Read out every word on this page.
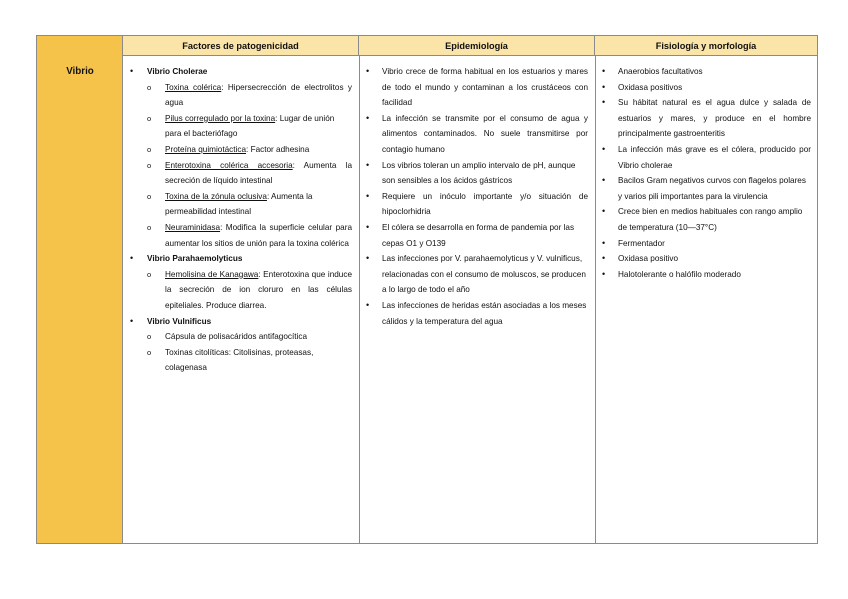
Vibrio
Factores de patogenicidad	Epidemiología	Fisiología y morfología
• Vibrio Cholerae
o Toxina colérica: Hipersecrección de electrolitos y agua
o Pilus corregulado por la toxina: Lugar de unión para el bacteriófago
o Proteína quimiotáctica: Factor adhesina
o Enterotoxina colérica accesoria: Aumenta la secreción de líquido intestinal
o Toxina de la zónula oclusiva: Aumenta la permeabilidad intestinal
o Neuraminidasa: Modifica la superficie celular para aumentar los sitios de unión para la toxina colérica
• Vibrio Parahaemolyticus
o Hemolisina de Kanagawa: Enterotoxina que induce la secreción de ion cloruro en las células epiteliales. Produce diarrea.
• Vibrio Vulnificus
o Cápsula de polisacáridos antifagocítica
o Toxinas citolíticas: Citolisinas, proteasas, colagenasa
• Vibrio crece de forma habitual en los estuarios y mares de todo el mundo y contaminan a los crustáceos con facilidad
• La infección se transmite por el consumo de agua y alimentos contaminados. No suele transmitirse por contagio humano
• Los vibrios toleran un amplio intervalo de pH, aunque son sensibles a los ácidos gástricos
• Requiere un inóculo importante y/o situación de hipoclorhidria
• El cólera se desarrolla en forma de pandemia por las cepas O1 y O139
• Las infecciones por V. parahaemolyticus y V. vulnificus, relacionadas con el consumo de moluscos, se producen a lo largo de todo el año
• Las infecciones de heridas están asociadas a los meses cálidos y la temperatura del agua
• Anaerobios facultativos
• Oxidasa positivos
• Su hábitat natural es el agua dulce y salada de estuarios y mares, y produce en el hombre principalmente gastroenteritis
• La infección más grave es el cólera, producido por Vibrio cholerae
• Bacilos Gram negativos curvos con flagelos polares y varios pili importantes para la virulencia
• Crece bien en medios habituales con rango amplio de temperatura (10—37°C)
• Fermentador
• Oxidasa positivo
• Halotolerante o halófilo moderado
